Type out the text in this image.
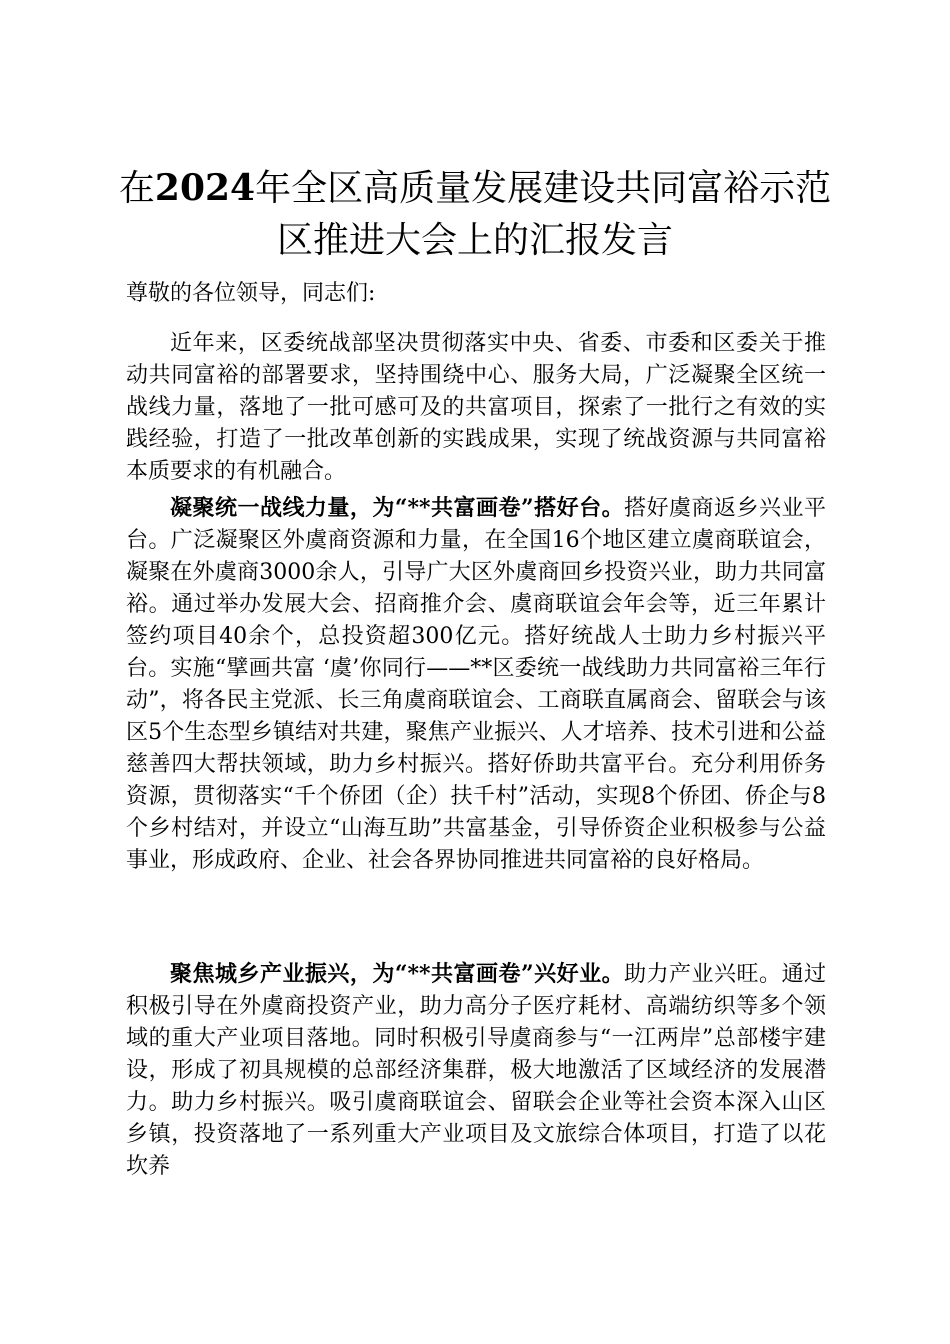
在2024年全区高质量发展建设共同富裕示范区推进大会上的汇报发言

尊敬的各位领导，同志们:

近年来，区委统战部坚决贯彻落实中央、省委、市委和区委关于推动共同富裕的部署要求，坚持围绕中心、服务大局，广泛凝聚全区统一战线力量，落地了一批可感可及的共富项目，探索了一批行之有效的实践经验，打造了一批改革创新的实践成果，实现了统战资源与共同富裕本质要求的有机融合。

凝聚统一战线力量，为“**共富画卷”搭好台。搭好虞商返乡兴业平台。广泛凝聚区外虞商资源和力量，在全国16个地区建立虞商联谊会，凝聚在外虞商3000余人，引导广大区外虞商回乡投资兴业，助力共同富裕。通过举办发展大会、招商推介会、虞商联谊会年会等，近三年累计签约项目40余个，总投资超300亿元。搭好统战人士助力乡村振兴平台。实施“擘画共富 ‘虞’你同行——**区委统一战线助力共同富裕三年行动”，将各民主党派、长三角虞商联谊会、工商联直属商会、留联会与该区5个生态型乡镇结对共建，聚焦产业振兴、人才培养、技术引进和公益慈善四大帮扶领域，助力乡村振兴。搭好侨助共富平台。充分利用侨务资源，贯彻落实“千个侨团（企）扶千村”活动，实现8个侨团、侨企与8个乡村结对，并设立“山海互助”共富基金，引导侨资企业积极参与公益事业，形成政府、企业、社会各界协同推进共同富裕的良好格局。

聚焦城乡产业振兴，为“**共富画卷”兴好业。助力产业兴旺。通过积极引导在外虞商投资产业，助力高分子医疗耗材、高端纺织等多个领域的重大产业项目落地。同时积极引导虞商参与“一江两岸”总部楼宇建设，形成了初具规模的总部经济集群，极大地激活了区域经济的发展潜力。助力乡村振兴。吸引虞商联谊会、留联会企业等社会资本深入山区乡镇，投资落地了一系列重大产业项目及文旅综合体项目，打造了以花坎养
